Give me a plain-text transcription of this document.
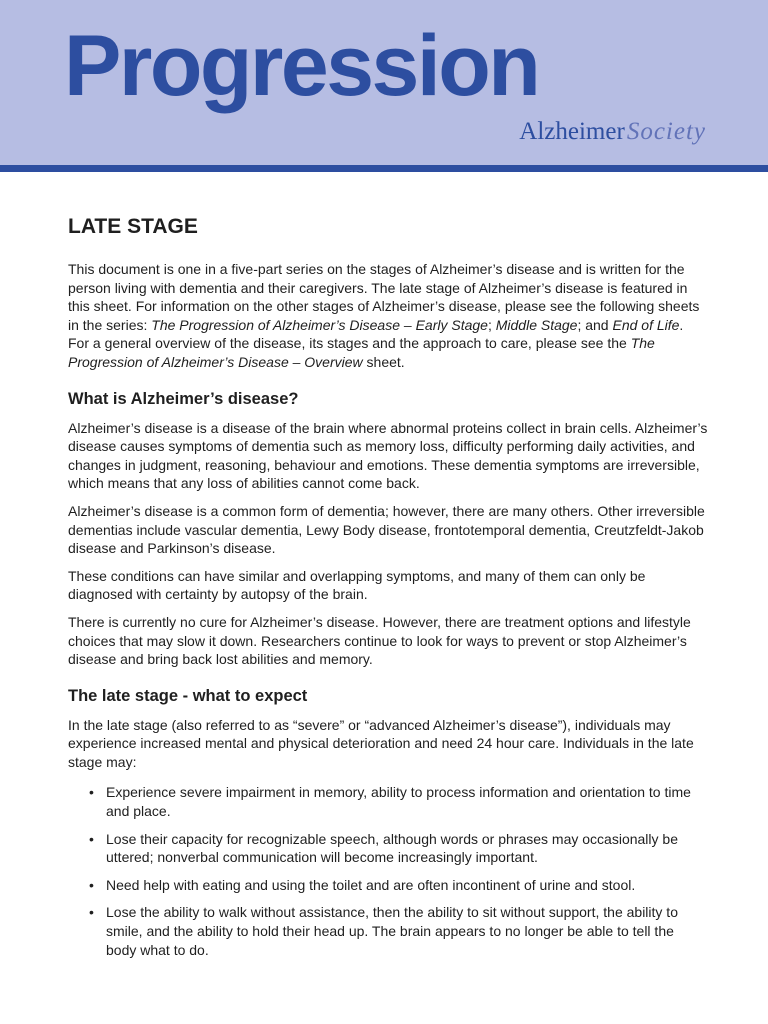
Progression
AlzheimerSociety
LATE STAGE

This document is one in a five-part series on the stages of Alzheimer’s disease and is written for the person living with dementia and their caregivers. The late stage of Alzheimer’s disease is featured in this sheet. For information on the other stages of Alzheimer’s disease, please see the following sheets in the series: The Progression of Alzheimer’s Disease – Early Stage; Middle Stage; and End of Life. For a general overview of the disease, its stages and the approach to care, please see the The Progression of Alzheimer’s Disease – Overview sheet.

What is Alzheimer’s disease?

Alzheimer’s disease is a disease of the brain where abnormal proteins collect in brain cells. Alzheimer’s disease causes symptoms of dementia such as memory loss, difficulty performing daily activities, and changes in judgment, reasoning, behaviour and emotions. These dementia symptoms are irreversible, which means that any loss of abilities cannot come back.

Alzheimer’s disease is a common form of dementia; however, there are many others. Other irreversible dementias include vascular dementia, Lewy Body disease, frontotemporal dementia, Creutzfeldt-Jakob disease and Parkinson’s disease.

These conditions can have similar and overlapping symptoms, and many of them can only be diagnosed with certainty by autopsy of the brain.

There is currently no cure for Alzheimer’s disease. However, there are treatment options and lifestyle choices that may slow it down. Researchers continue to look for ways to prevent or stop Alzheimer’s disease and bring back lost abilities and memory.

The late stage - what to expect

In the late stage (also referred to as “severe” or “advanced Alzheimer’s disease”), individuals may experience increased mental and physical deterioration and need 24 hour care. Individuals in the late stage may:

• Experience severe impairment in memory, ability to process information and orientation to time and place.
• Lose their capacity for recognizable speech, although words or phrases may occasionally be uttered; nonverbal communication will become increasingly important.
• Need help with eating and using the toilet and are often incontinent of urine and stool.
• Lose the ability to walk without assistance, then the ability to sit without support, the ability to smile, and the ability to hold their head up. The brain appears to no longer be able to tell the body what to do.
